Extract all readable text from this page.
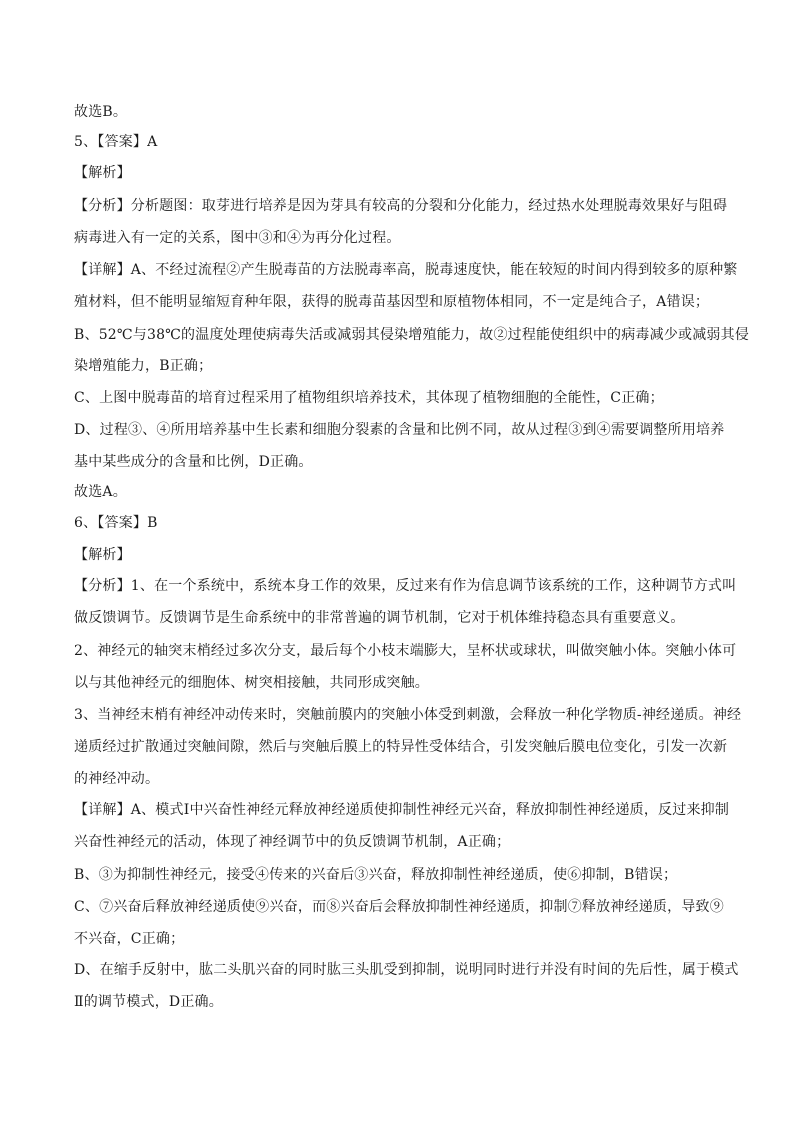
故选B。
5、【答案】A
【解析】
【分析】分析题图：取芽进行培养是因为芽具有较高的分裂和分化能力，经过热水处理脱毒效果好与阻碍
病毒进入有一定的关系，图中③和④为再分化过程。
【详解】A、不经过流程②产生脱毒苗的方法脱毒率高，脱毒速度快，能在较短的时间内得到较多的原种繁
殖材料，但不能明显缩短育种年限，获得的脱毒苗基因型和原植物体相同，不一定是纯合子，A错误；
B、52℃与38℃的温度处理使病毒失活或减弱其侵染增殖能力，故②过程能使组织中的病毒减少或减弱其侵
染增殖能力，B正确；
C、上图中脱毒苗的培育过程采用了植物组织培养技术，其体现了植物细胞的全能性，C正确；
D、过程③、④所用培养基中生长素和细胞分裂素的含量和比例不同，故从过程③到④需要调整所用培养
基中某些成分的含量和比例，D正确。
故选A。
6、【答案】B
【解析】
【分析】1、在一个系统中，系统本身工作的效果，反过来有作为信息调节该系统的工作，这种调节方式叫
做反馈调节。反馈调节是生命系统中的非常普遍的调节机制，它对于机体维持稳态具有重要意义。
2、神经元的轴突末梢经过多次分支，最后每个小枝末端膨大，呈杯状或球状，叫做突触小体。突触小体可
以与其他神经元的细胞体、树突相接触，共同形成突触。
3、当神经末梢有神经冲动传来时，突触前膜内的突触小体受到刺激，会释放一种化学物质-神经递质。神经
递质经过扩散通过突触间隙，然后与突触后膜上的特异性受体结合，引发突触后膜电位变化，引发一次新
的神经冲动。
【详解】A、模式Ⅰ中兴奋性神经元释放神经递质使抑制性神经元兴奋，释放抑制性神经递质，反过来抑制
兴奋性神经元的活动，体现了神经调节中的负反馈调节机制，A正确；
B、③为抑制性神经元，接受④传来的兴奋后③兴奋，释放抑制性神经递质，使⑥抑制，B错误；
C、⑦兴奋后释放神经递质使⑨兴奋，而⑧兴奋后会释放抑制性神经递质，抑制⑦释放神经递质，导致⑨
不兴奋，C正确；
D、在缩手反射中，肱二头肌兴奋的同时肱三头肌受到抑制，说明同时进行并没有时间的先后性，属于模式
Ⅱ的调节模式，D正确。
